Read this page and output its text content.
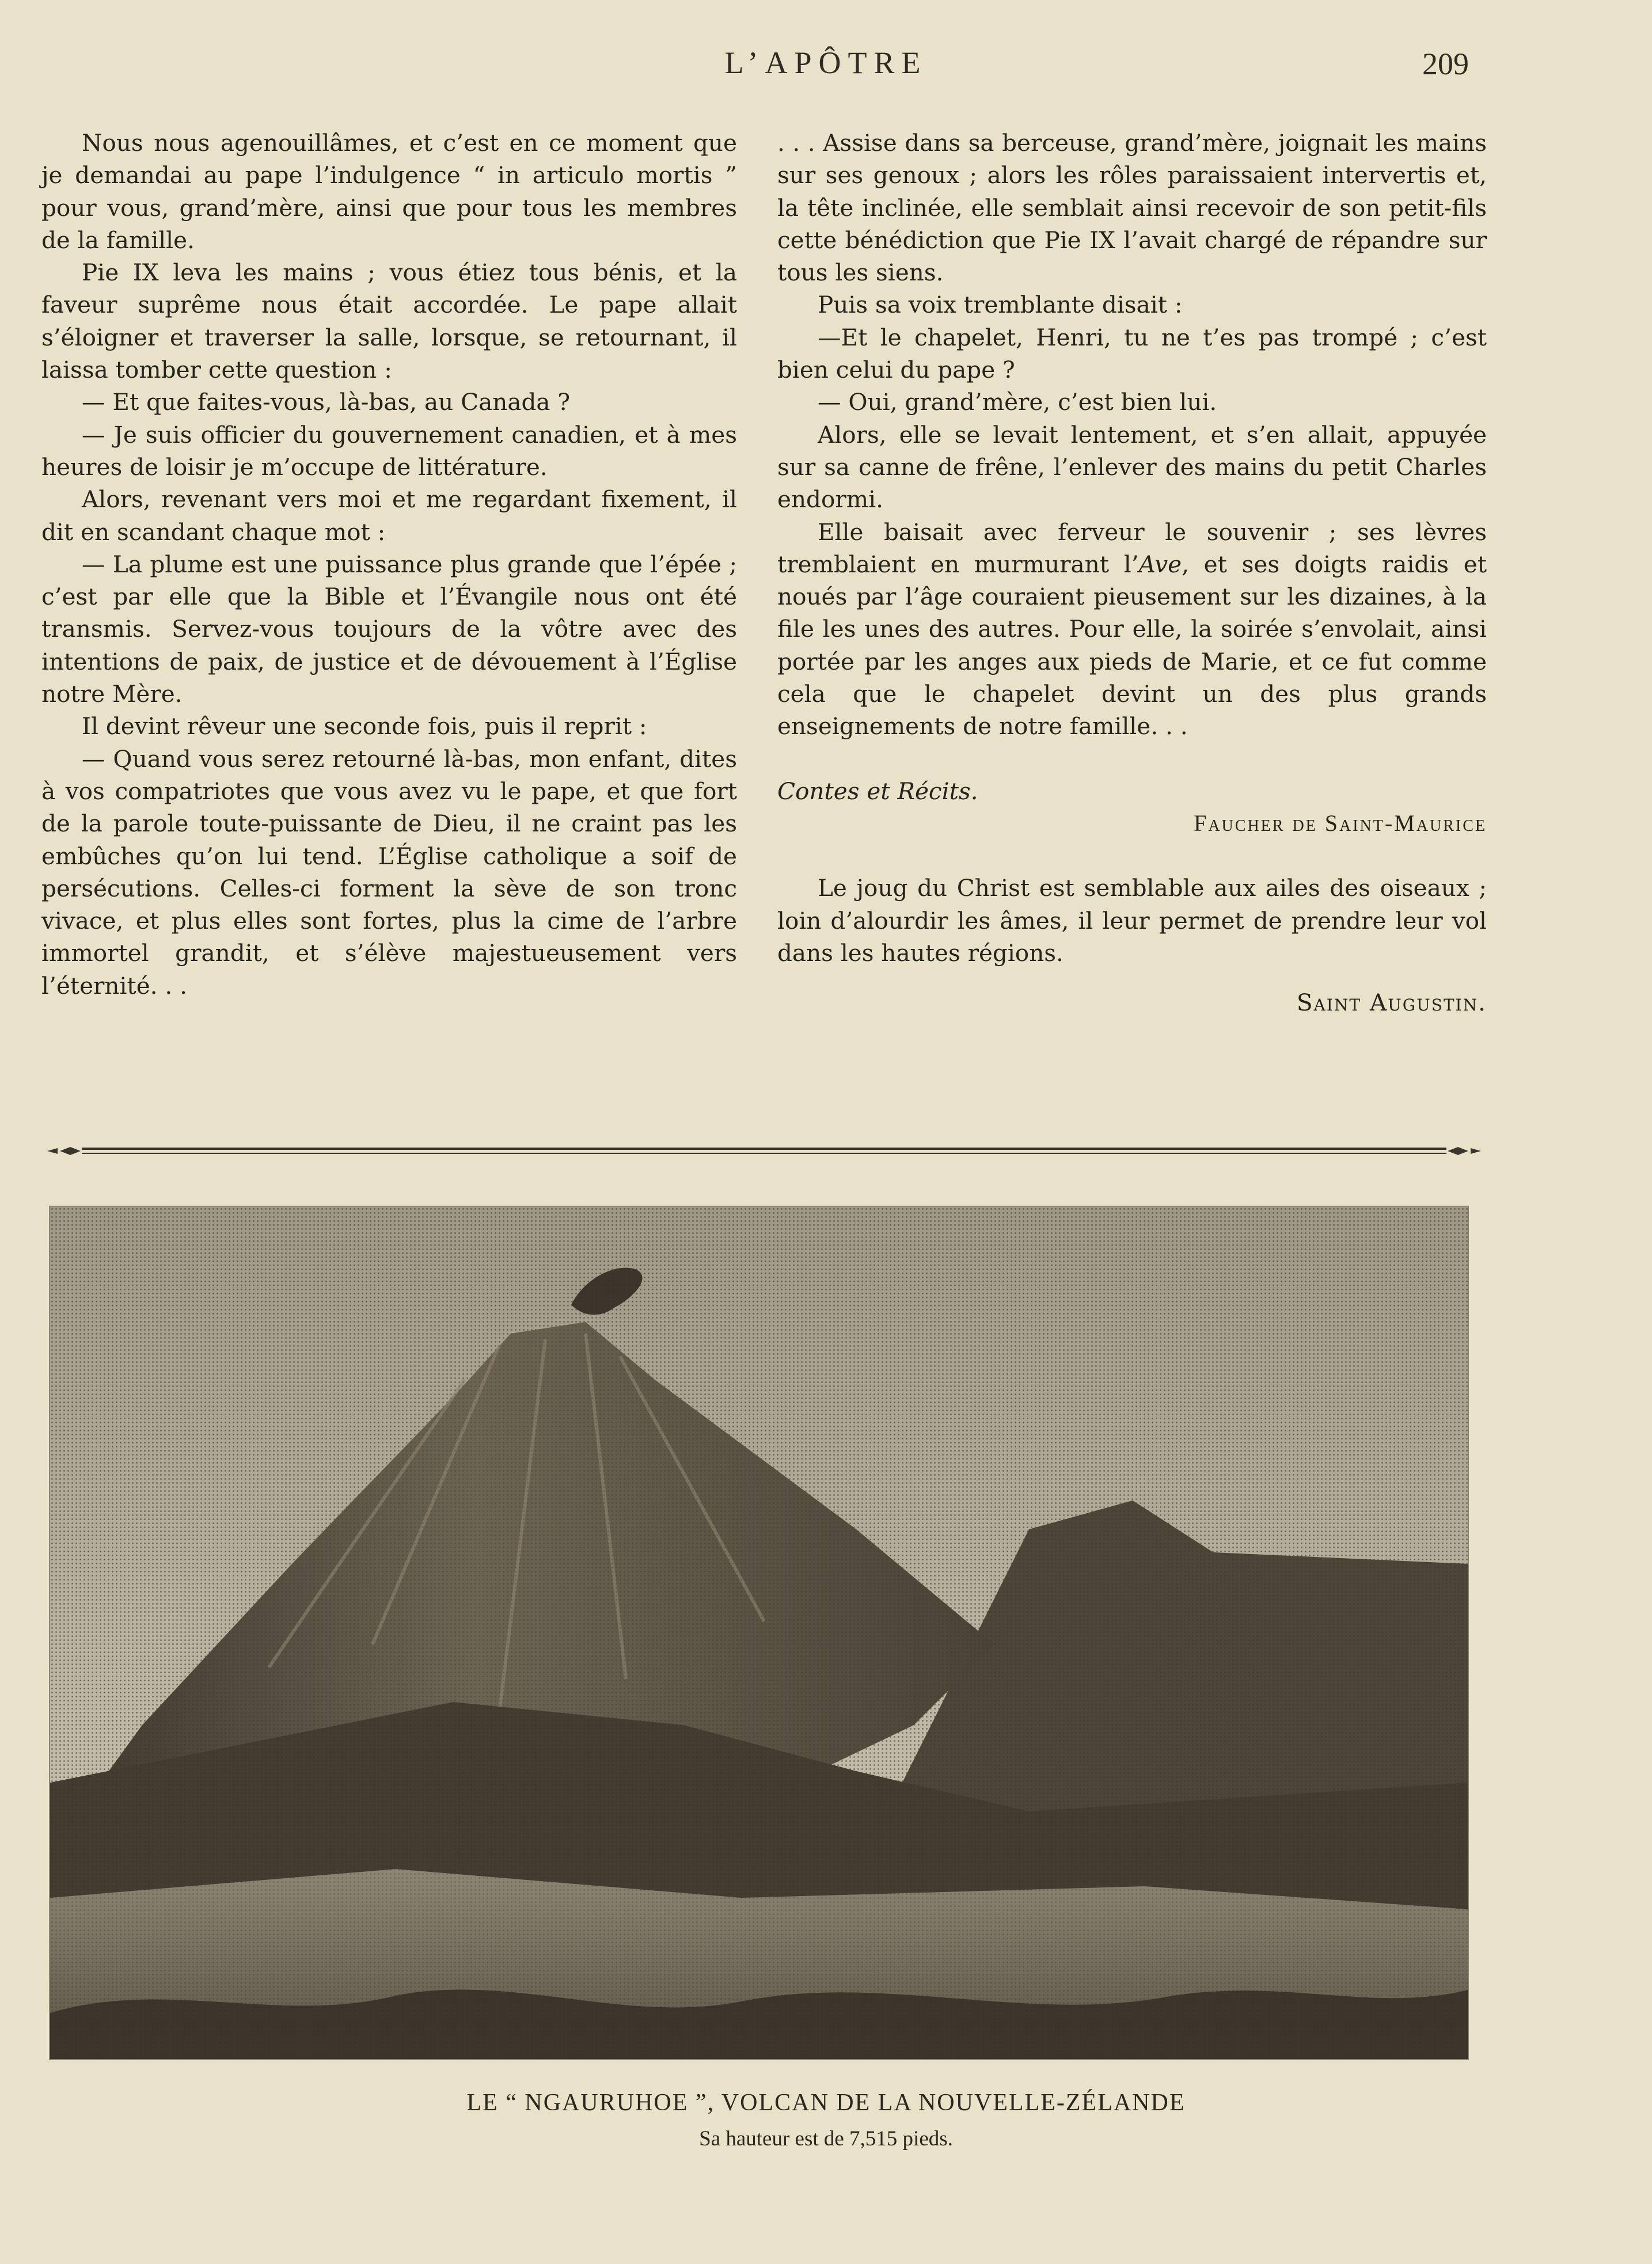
L’APÔTRE	209

Nous nous agenouillâmes, et c’est en ce moment que je demandai au pape l’indulgence “ in articulo mortis ” pour vous, grand’mère, ainsi que pour tous les membres de la famille.

Pie IX leva les mains ; vous étiez tous bénis, et la faveur suprême nous était accordée. Le pape allait s’éloigner et traverser la salle, lorsque, se retournant, il laissa tomber cette question :

— Et que faites-vous, là-bas, au Canada ?

— Je suis officier du gouvernement canadien, et à mes heures de loisir je m’occupe de littérature.

Alors, revenant vers moi et me regardant fixement, il dit en scandant chaque mot :

— La plume est une puissance plus grande que l’épée ; c’est par elle que la Bible et l’Évangile nous ont été transmis. Servez-vous toujours de la vôtre avec des intentions de paix, de justice et de dévouement à l’Église notre Mère.

Il devint rêveur une seconde fois, puis il reprit :

— Quand vous serez retourné là-bas, mon enfant, dites à vos compatriotes que vous avez vu le pape, et que fort de la parole toute-puissante de Dieu, il ne craint pas les embûches qu’on lui tend. L’Église catholique a soif de persécutions. Celles-ci forment la sève de son tronc vivace, et plus elles sont fortes, plus la cime de l’arbre immortel grandit, et s’élève majestueusement vers l’éternité. . .

. . . Assise dans sa berceuse, grand’mère, joignait les mains sur ses genoux ; alors les rôles paraissaient intervertis et, la tête inclinée, elle semblait ainsi recevoir de son petit-fils cette bénédiction que Pie IX l’avait chargé de répandre sur tous les siens.

Puis sa voix tremblante disait :

—Et le chapelet, Henri, tu ne t’es pas trompé ; c’est bien celui du pape ?

— Oui, grand’mère, c’est bien lui.

Alors, elle se levait lentement, et s’en allait, appuyée sur sa canne de frêne, l’enlever des mains du petit Charles endormi.

Elle baisait avec ferveur le souvenir ; ses lèvres tremblaient en murmurant l’Ave, et ses doigts raidis et noués par l’âge couraient pieusement sur les dizaines, à la file les unes des autres. Pour elle, la soirée s’envolait, ainsi portée par les anges aux pieds de Marie, et ce fut comme cela que le chapelet devint un des plus grands enseignements de notre famille. . .

Contes et Récits.

Faucher de Saint-Maurice

Le joug du Christ est semblable aux ailes des oiseaux ; loin d’alourdir les âmes, il leur permet de prendre leur vol dans les hautes régions.

Saint Augustin.

LE “ NGAURUHOE ”, VOLCAN DE LA NOUVELLE-ZÉLANDE
Sa hauteur est de 7,515 pieds.
